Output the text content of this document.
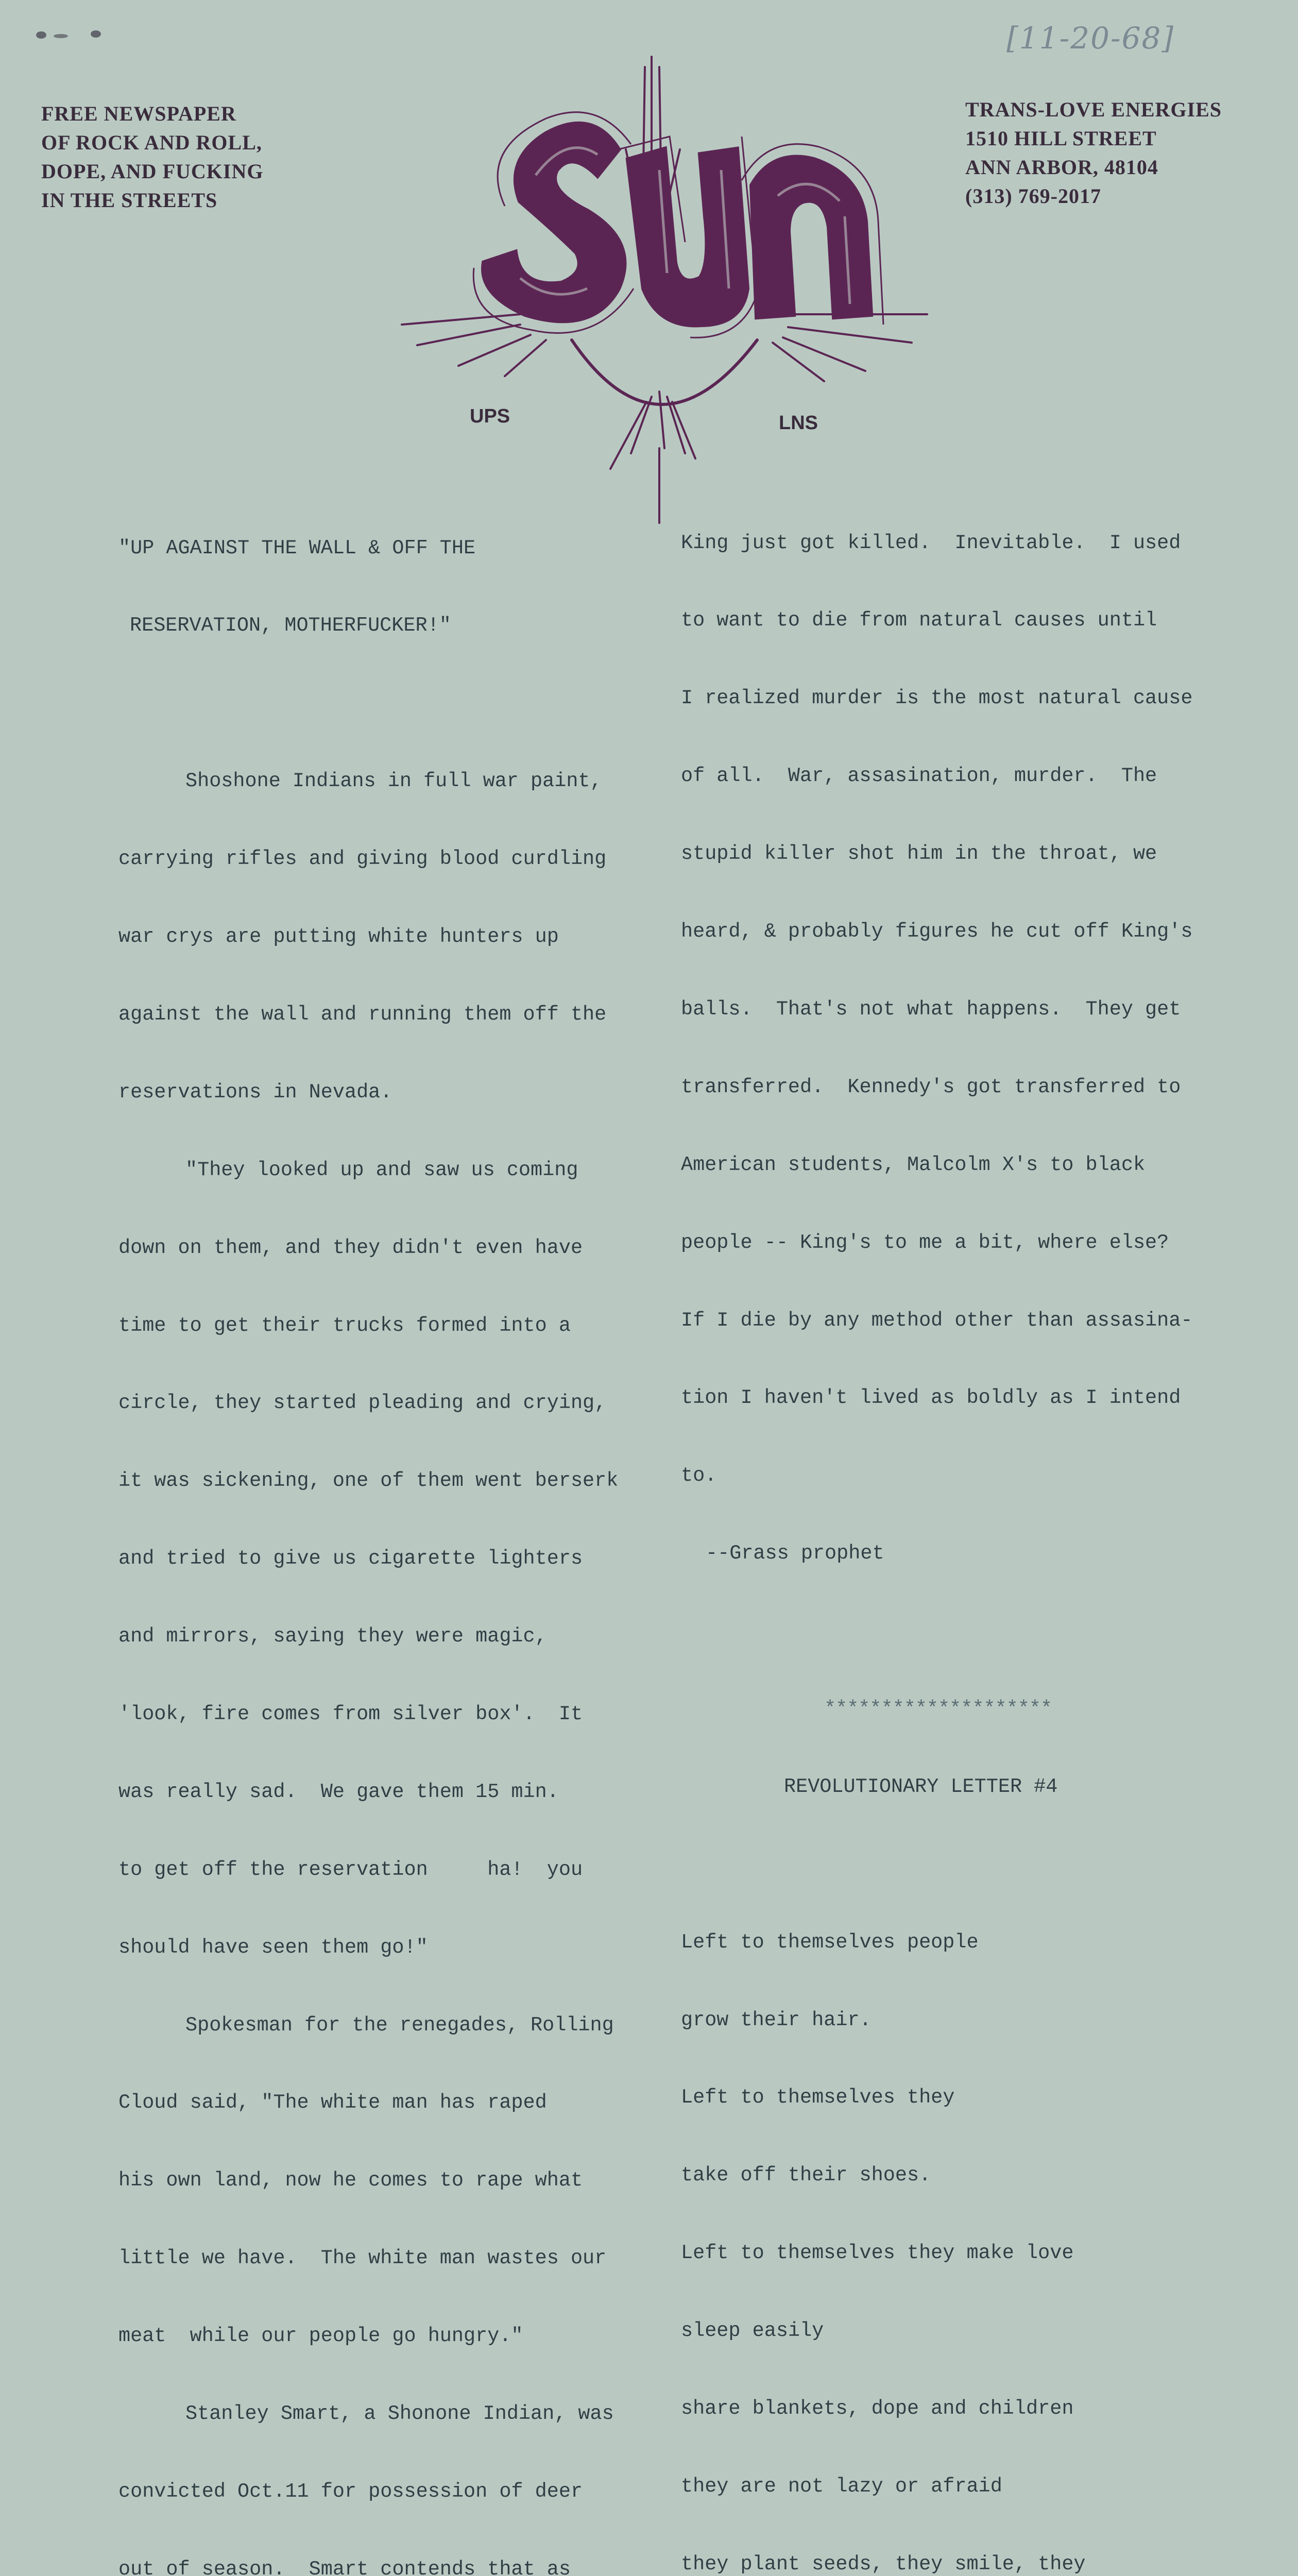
[11-20-68]
FREE NEWSPAPER
OF ROCK AND ROLL,
DOPE, AND FUCKING
IN THE STREETS
TRANS-LOVE ENERGIES
1510 HILL STREET
ANN ARBOR, 48104
(313) 769-2017
UPS	LNS

"UP AGAINST THE WALL & OFF THE

RESERVATION, MOTHERFUCKER!"

Shoshone Indians in full war paint,

carrying rifles and giving blood curdling

war crys are putting white hunters up

against the wall and running them off the

reservations in Nevada.

"They looked up and saw us coming

down on them, and they didn't even have

time to get their trucks formed into a

circle, they started pleading and crying,

it was sickening, one of them went berserk

and tried to give us cigarette lighters

and mirrors, saying they were magic,

'look, fire comes from silver box'.  It

was really sad.  We gave them 15 min.

to get off the reservation     ha!  you

should have seen them go!"

Spokesman for the renegades, Rolling

Cloud said, "The white man has raped

his own land, now he comes to rape what

little we have.  The white man wastes our

meat  while our people go hungry."

Stanley Smart, a Shonone Indian, was

convicted Oct.11 for possession of deer

out of season.  Smart contends that as

King just got killed.  Inevitable.  I used

to want to die from natural causes until

I realized murder is the most natural cause

of all.  War, assasination, murder.  The

stupid killer shot him in the throat, we

heard, & probably figures he cut off King's

balls.  That's not what happens.  They get

transferred.  Kennedy's got transferred to

American students, Malcolm X's to black

people -- King's to me a bit, where else?

If I die by any method other than assasina-

tion I haven't lived as boldly as I intend

to.

--Grass prophet

********************

REVOLUTIONARY LETTER #4

Left to themselves people

grow their hair.

Left to themselves they

take off their shoes.

Left to themselves they make love

sleep easily

share blankets, dope and children

they are not lazy or afraid

they plant seeds, they smile, they
